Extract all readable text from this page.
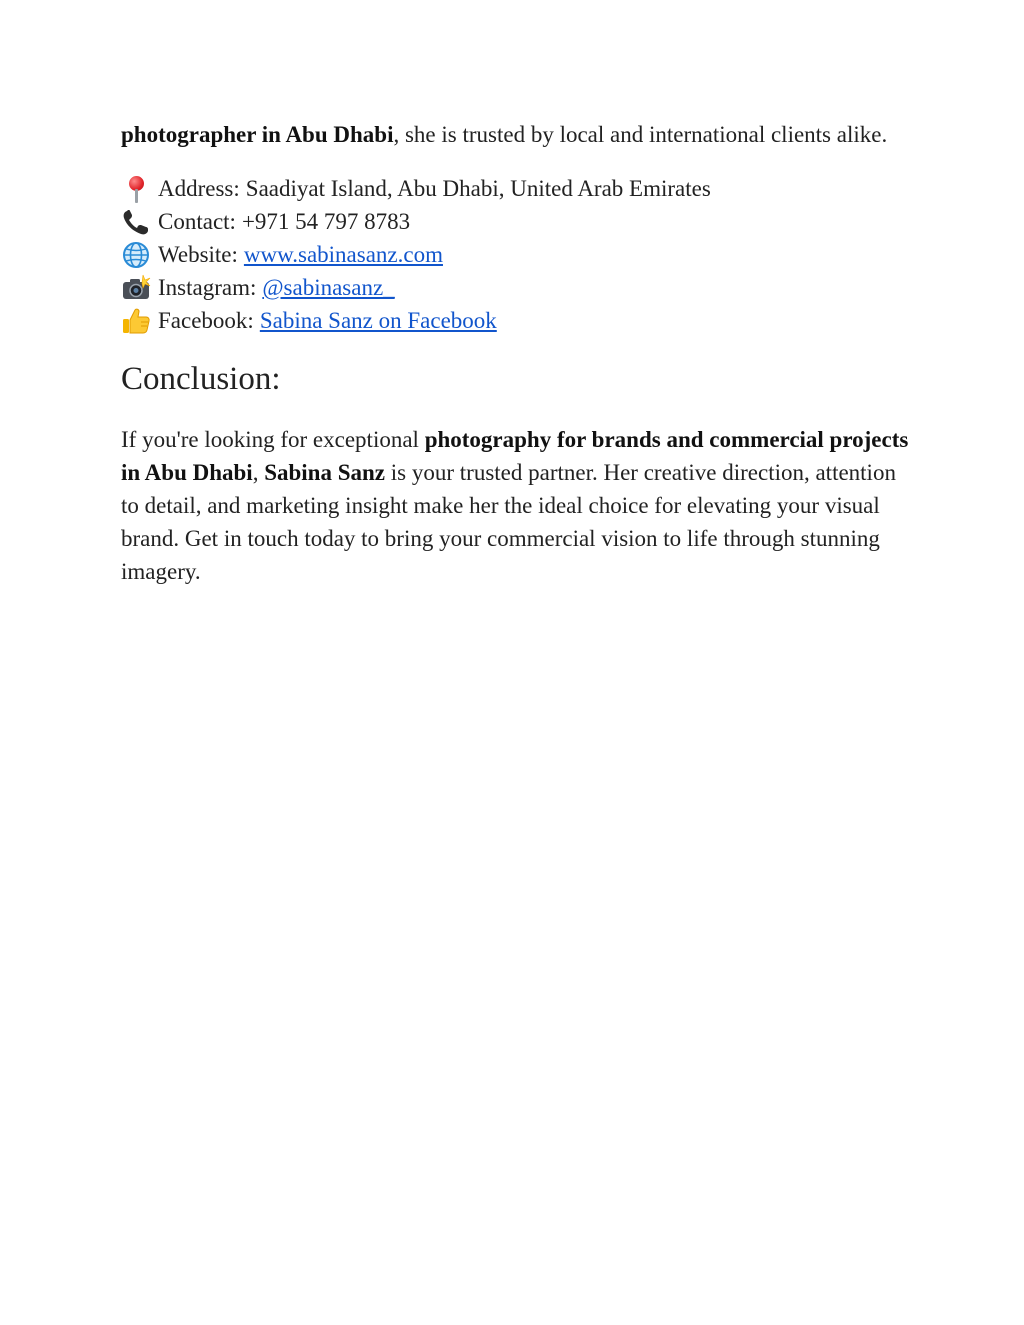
photographer in Abu Dhabi, she is trusted by local and international clients alike.

Address: Saadiyat Island, Abu Dhabi, United Arab Emirates
Contact: +971 54 797 8783
Website: www.sabinasanz.com
Instagram: @sabinasanz_
Facebook: Sabina Sanz on Facebook
Conclusion:

If you're looking for exceptional photography for brands and commercial projects in Abu Dhabi, Sabina Sanz is your trusted partner. Her creative direction, attention to detail, and marketing insight make her the ideal choice for elevating your visual brand. Get in touch today to bring your commercial vision to life through stunning imagery.
